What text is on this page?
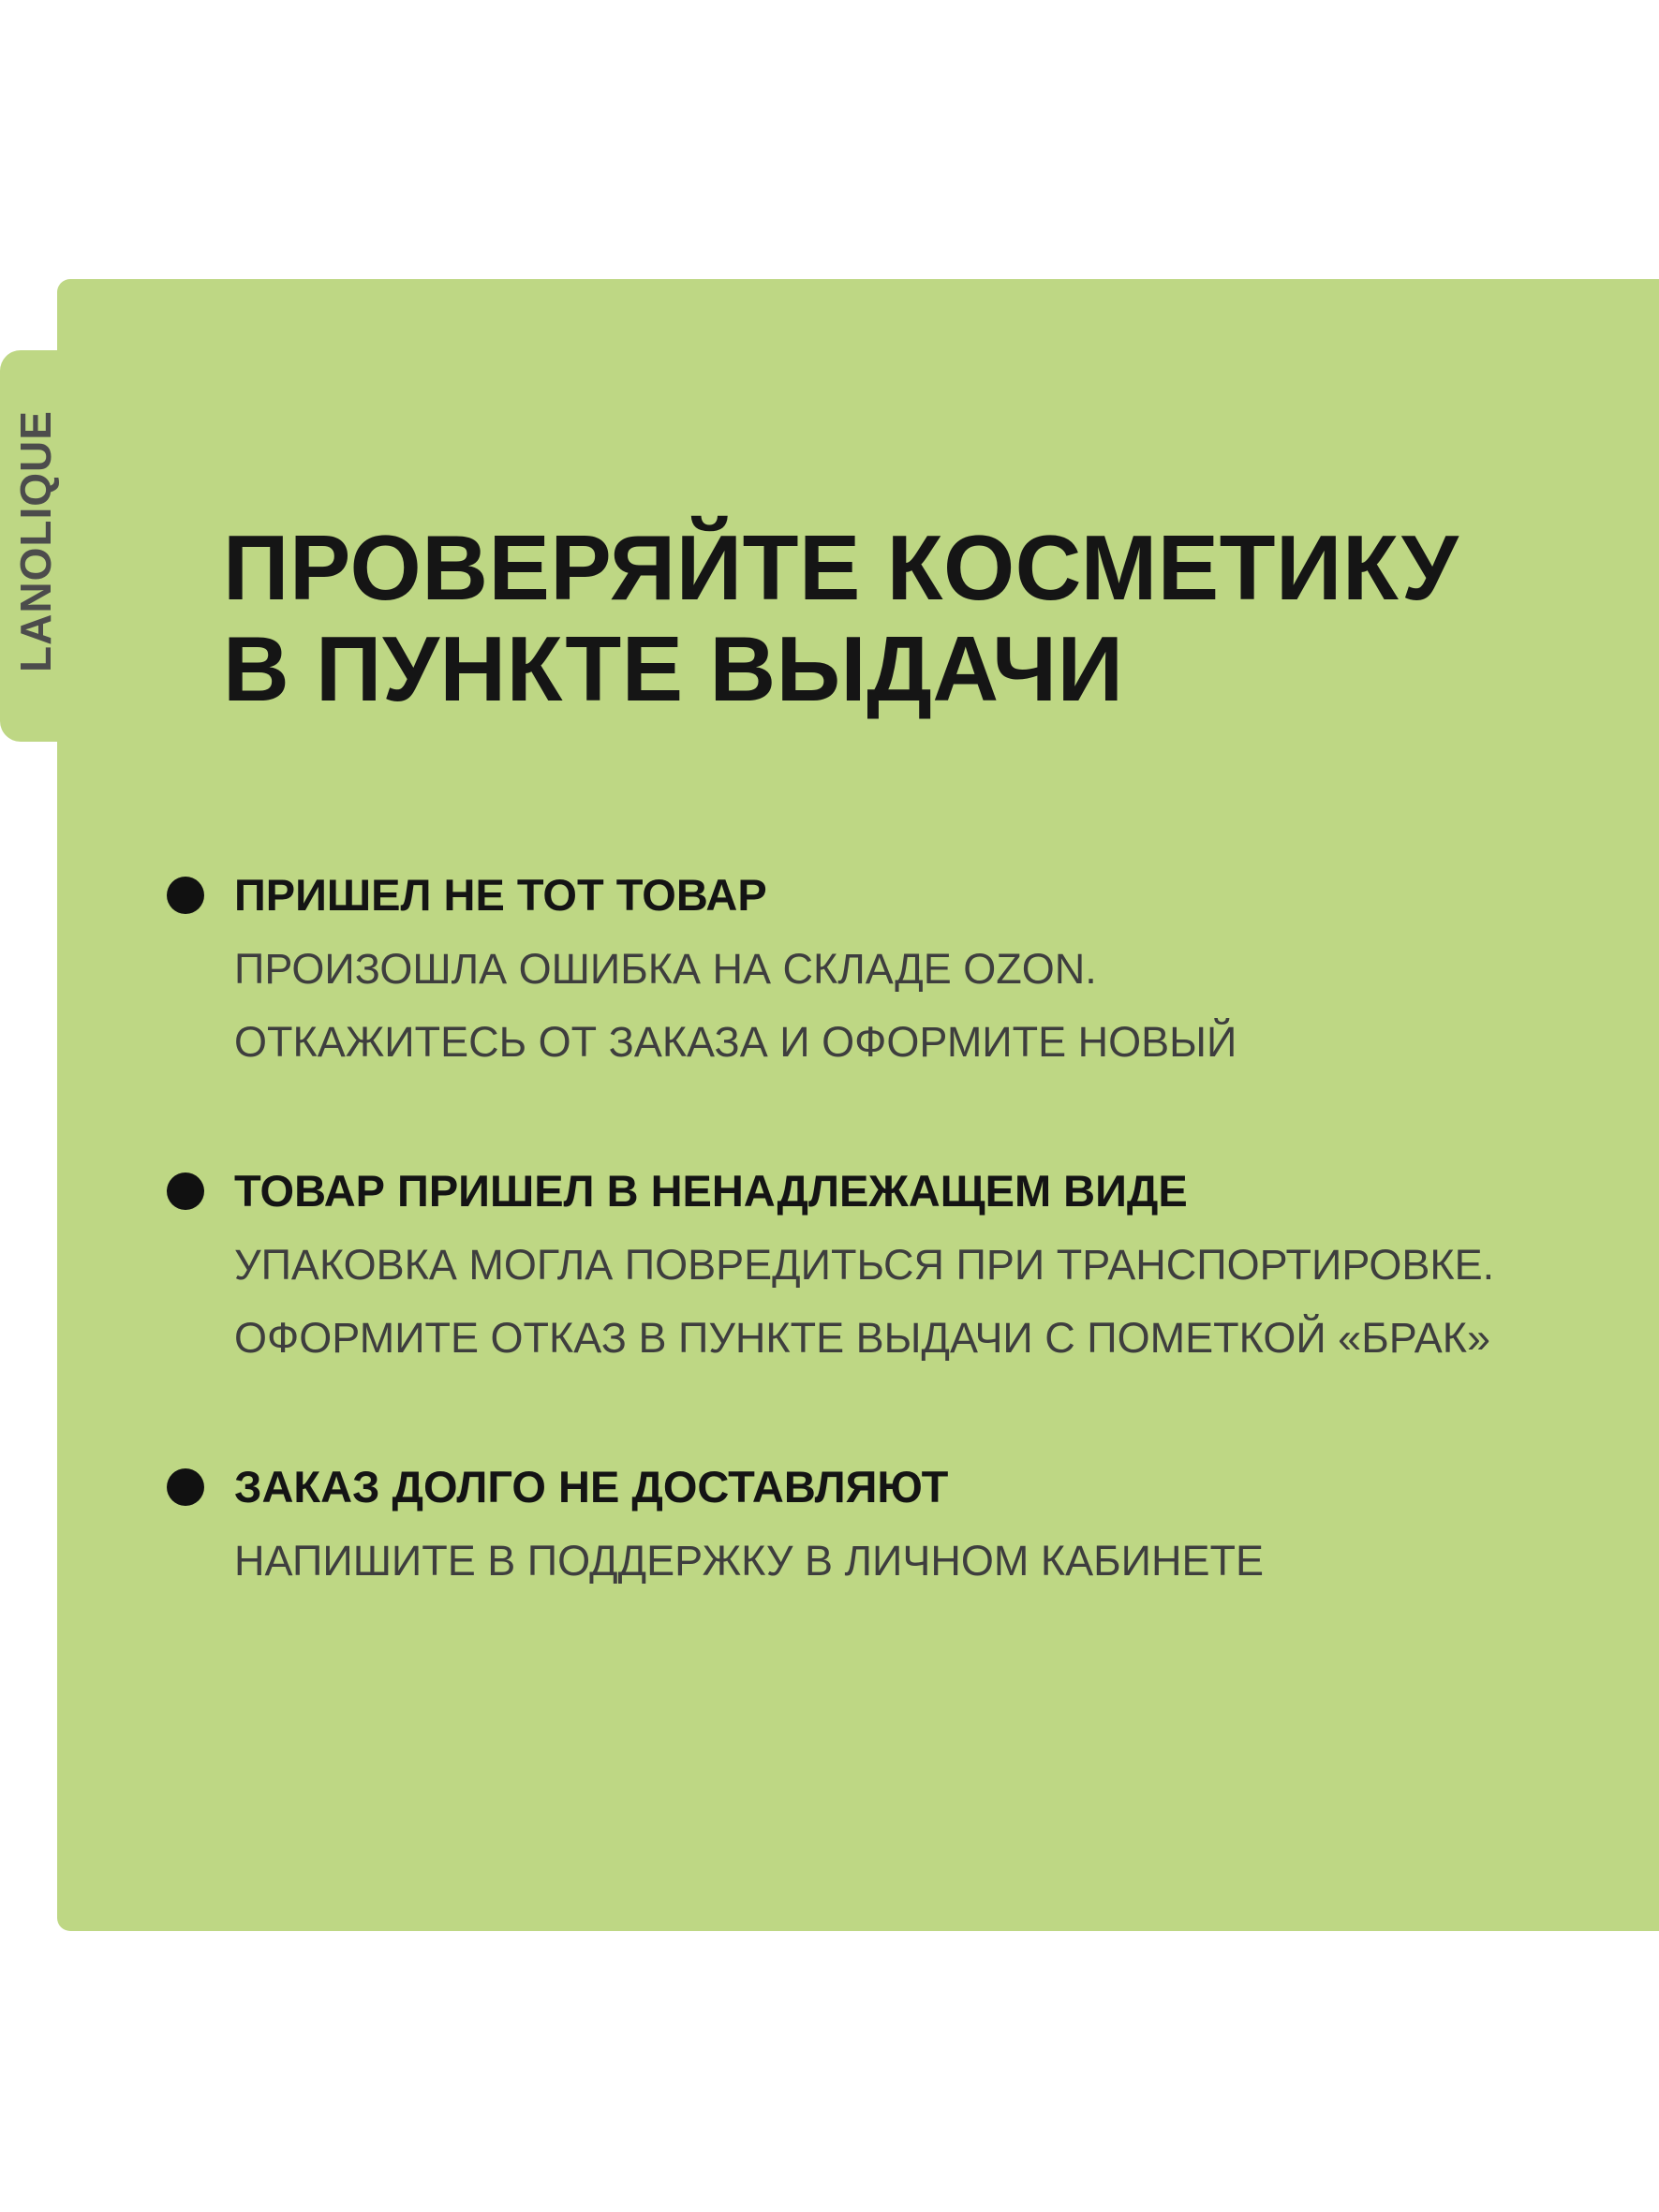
LANOLIQUE ПРОВЕРЯЙТЕ КОСМЕТИКУ
В ПУНКТЕ ВЫДАЧИ
ПРИШЕЛ НЕ ТОТ ТОВАР
ПРОИЗОШЛА ОШИБКА НА СКЛАДЕ OZON.
ОТКАЖИТЕСЬ ОТ ЗАКАЗА И ОФОРМИТЕ НОВЫЙ
ТОВАР ПРИШЕЛ В НЕНАДЛЕЖАЩЕМ ВИДЕ
УПАКОВКА МОГЛА ПОВРЕДИТЬСЯ ПРИ ТРАНСПОРТИРОВКЕ.
ОФОРМИТЕ ОТКАЗ В ПУНКТЕ ВЫДАЧИ С ПОМЕТКОЙ «БРАК»
ЗАКАЗ ДОЛГО НЕ ДОСТАВЛЯЮТ
НАПИШИТЕ В ПОДДЕРЖКУ В ЛИЧНОМ КАБИНЕТЕ
